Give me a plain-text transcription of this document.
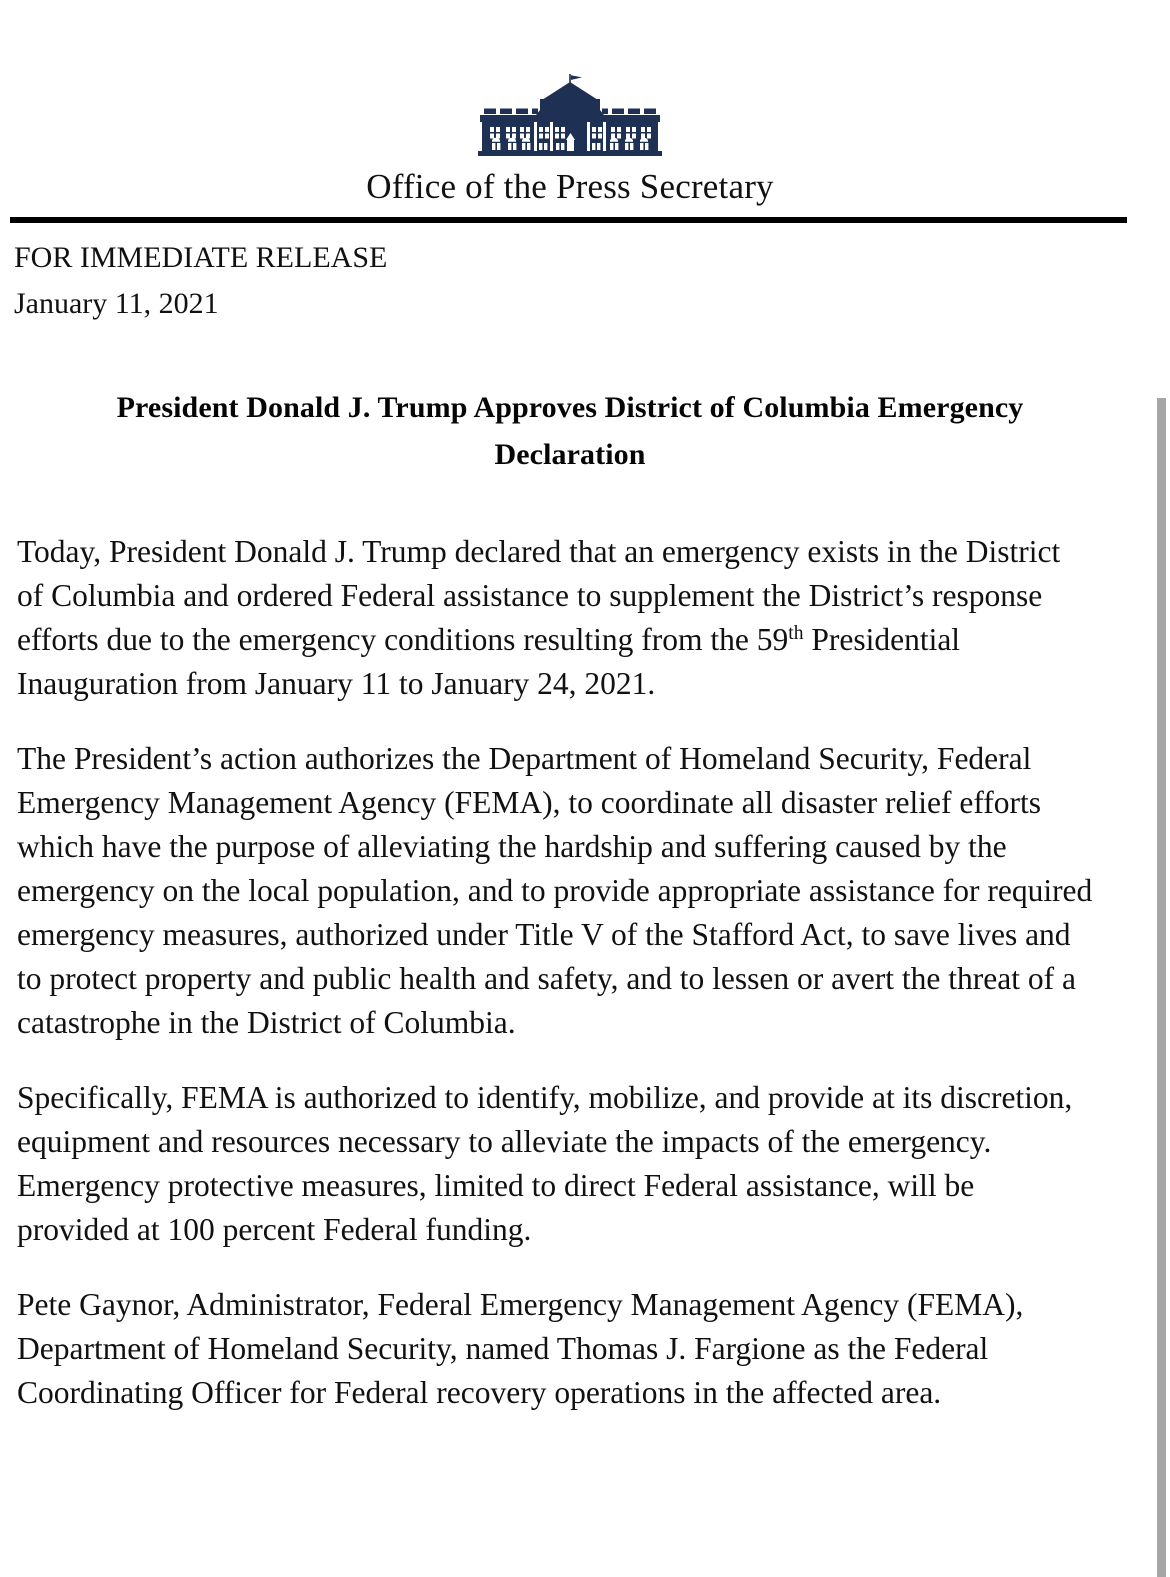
Office of the Press Secretary
FOR IMMEDIATE RELEASE
January 11, 2021
President Donald J. Trump Approves District of Columbia Emergency Declaration

Today, President Donald J. Trump declared that an emergency exists in the District of Columbia and ordered Federal assistance to supplement the District’s response efforts due to the emergency conditions resulting from the 59th Presidential Inauguration from January 11 to January 24, 2021.

The President’s action authorizes the Department of Homeland Security, Federal Emergency Management Agency (FEMA), to coordinate all disaster relief efforts which have the purpose of alleviating the hardship and suffering caused by the emergency on the local population, and to provide appropriate assistance for required emergency measures, authorized under Title V of the Stafford Act, to save lives and to protect property and public health and safety, and to lessen or avert the threat of a catastrophe in the District of Columbia.

Specifically, FEMA is authorized to identify, mobilize, and provide at its discretion, equipment and resources necessary to alleviate the impacts of the emergency. Emergency protective measures, limited to direct Federal assistance, will be provided at 100 percent Federal funding.

Pete Gaynor, Administrator, Federal Emergency Management Agency (FEMA), Department of Homeland Security, named Thomas J. Fargione as the Federal Coordinating Officer for Federal recovery operations in the affected area.
